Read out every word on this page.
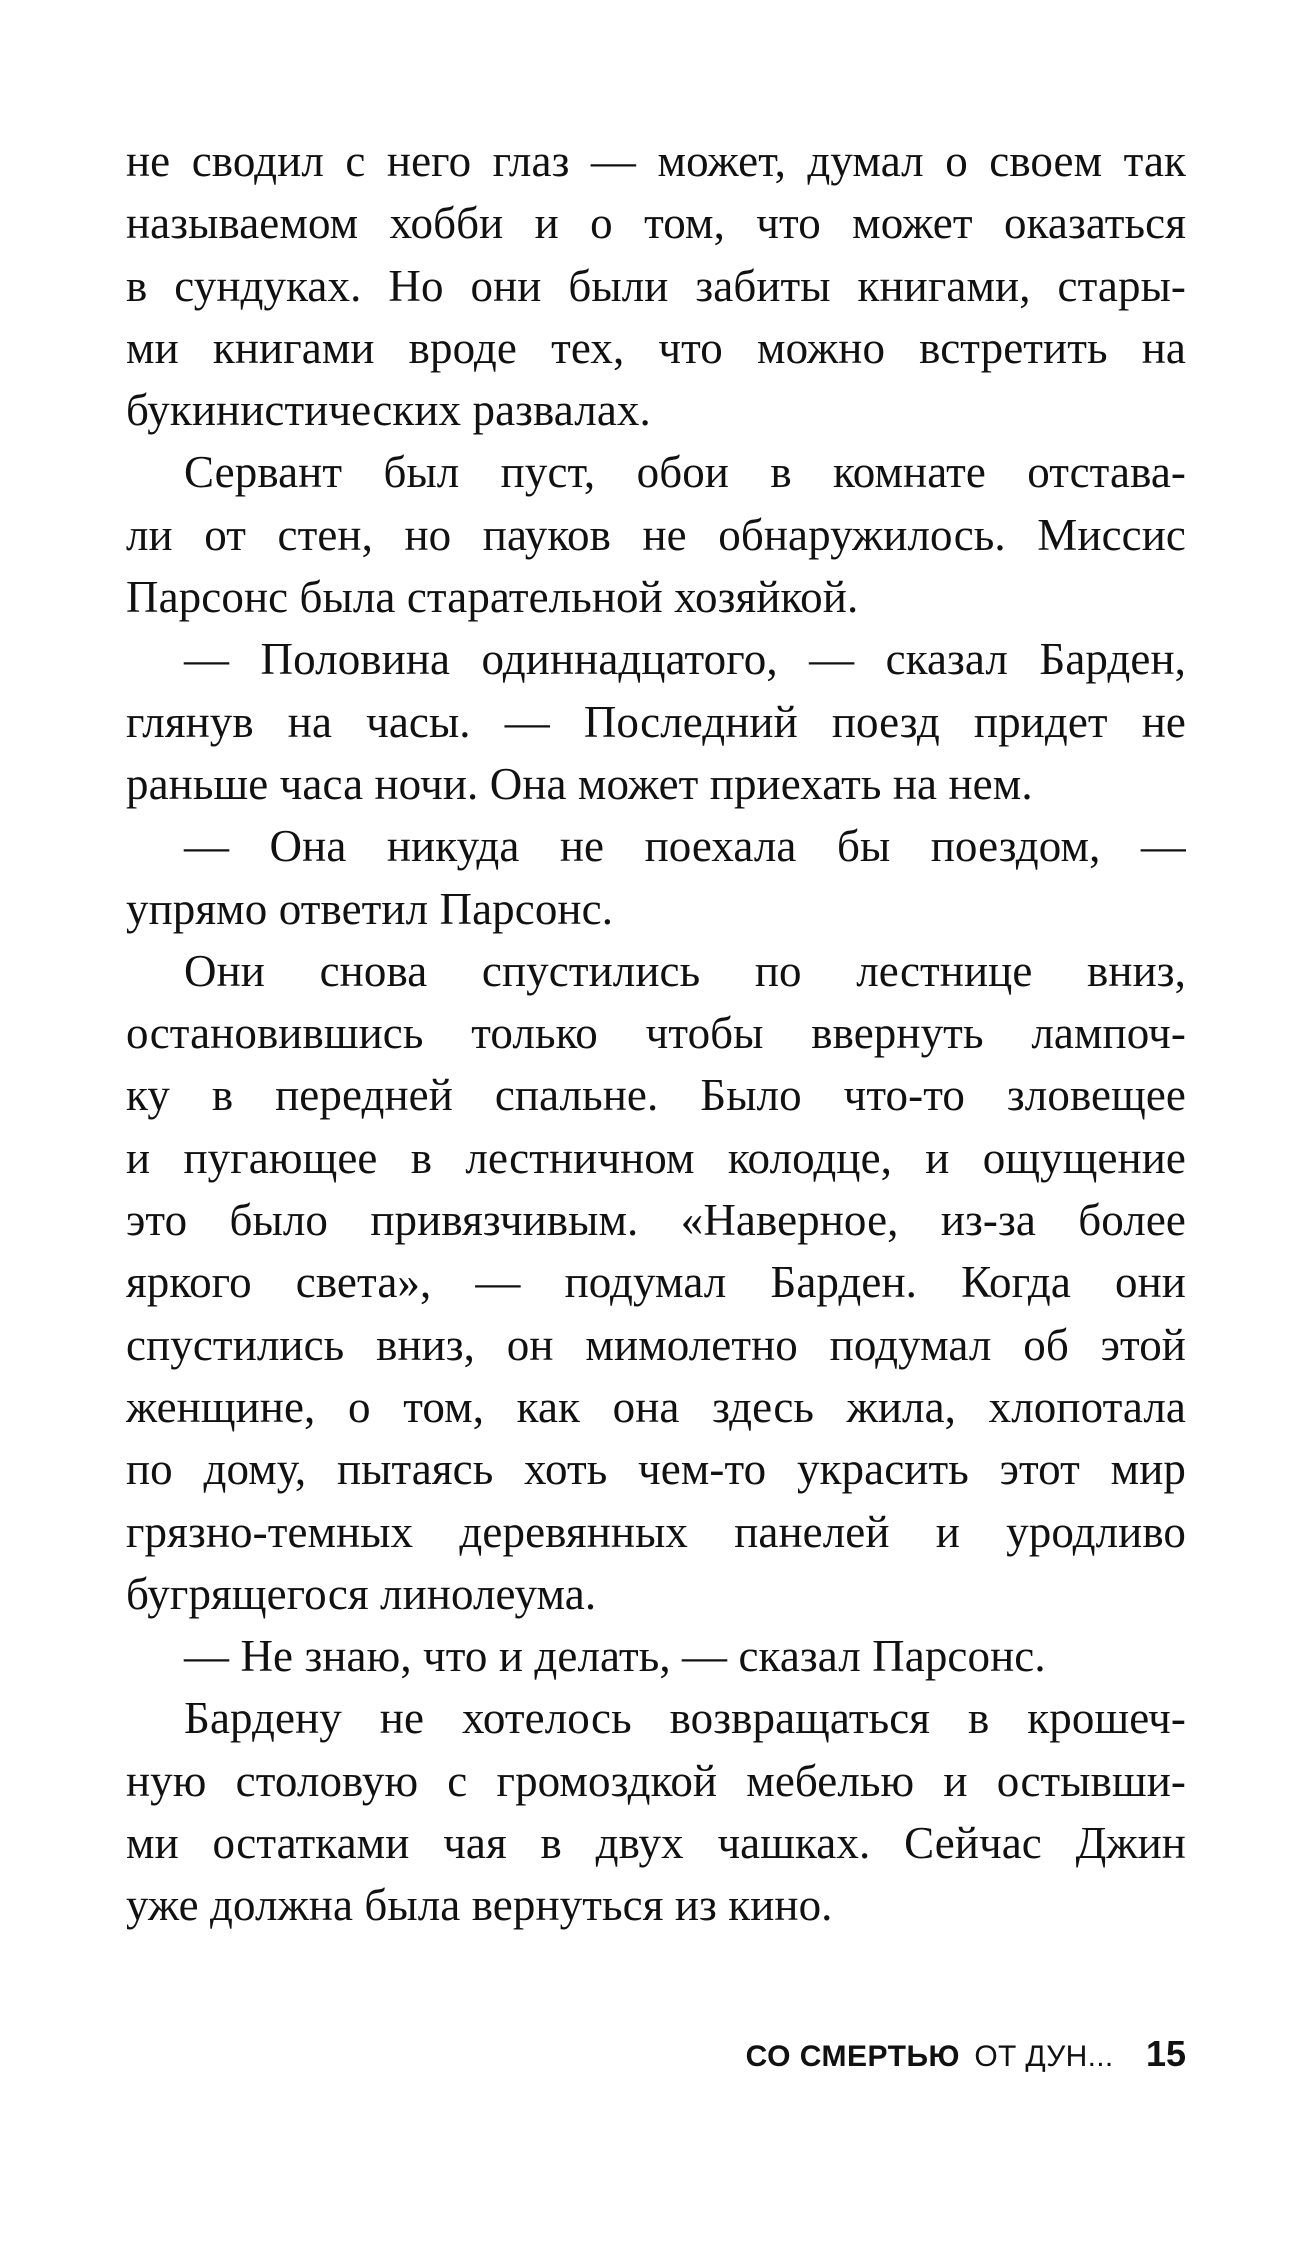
не сводил с него глаз — может, думал о своем так
называемом хобби и о том, что может оказаться
в сундуках. Но они были забиты книгами, стары-
ми книгами вроде тех, что можно встретить на
букинистических развалах.
Сервант был пуст, обои в комнате отстава-
ли от стен, но пауков не обнаружилось. Миссис
Парсонс была старательной хозяйкой.
— Половина одиннадцатого, — сказал Барден,
глянув на часы. — Последний поезд придет не
раньше часа ночи. Она может приехать на нем.
— Она никуда не поехала бы поездом, —
упрямо ответил Парсонс.
Они снова спустились по лестнице вниз,
остановившись только чтобы ввернуть лампоч-
ку в передней спальне. Было что-то зловещее
и пугающее в лестничном колодце, и ощущение
это было привязчивым. «Наверное, из-за более
яркого света», — подумал Барден. Когда они
спустились вниз, он мимолетно подумал об этой
женщине, о том, как она здесь жила, хлопотала
по дому, пытаясь хоть чем-то украсить этот мир
грязно-темных деревянных панелей и уродливо
бугрящегося линолеума.
— Не знаю, что и делать, — сказал Парсонс.
Бардену не хотелось возвращаться в крошеч-
ную столовую с громоздкой мебелью и остывши-
ми остатками чая в двух чашках. Сейчас Джин
уже должна была вернуться из кино.
СО СМЕРТЬЮ ОТ ДУН... 15
